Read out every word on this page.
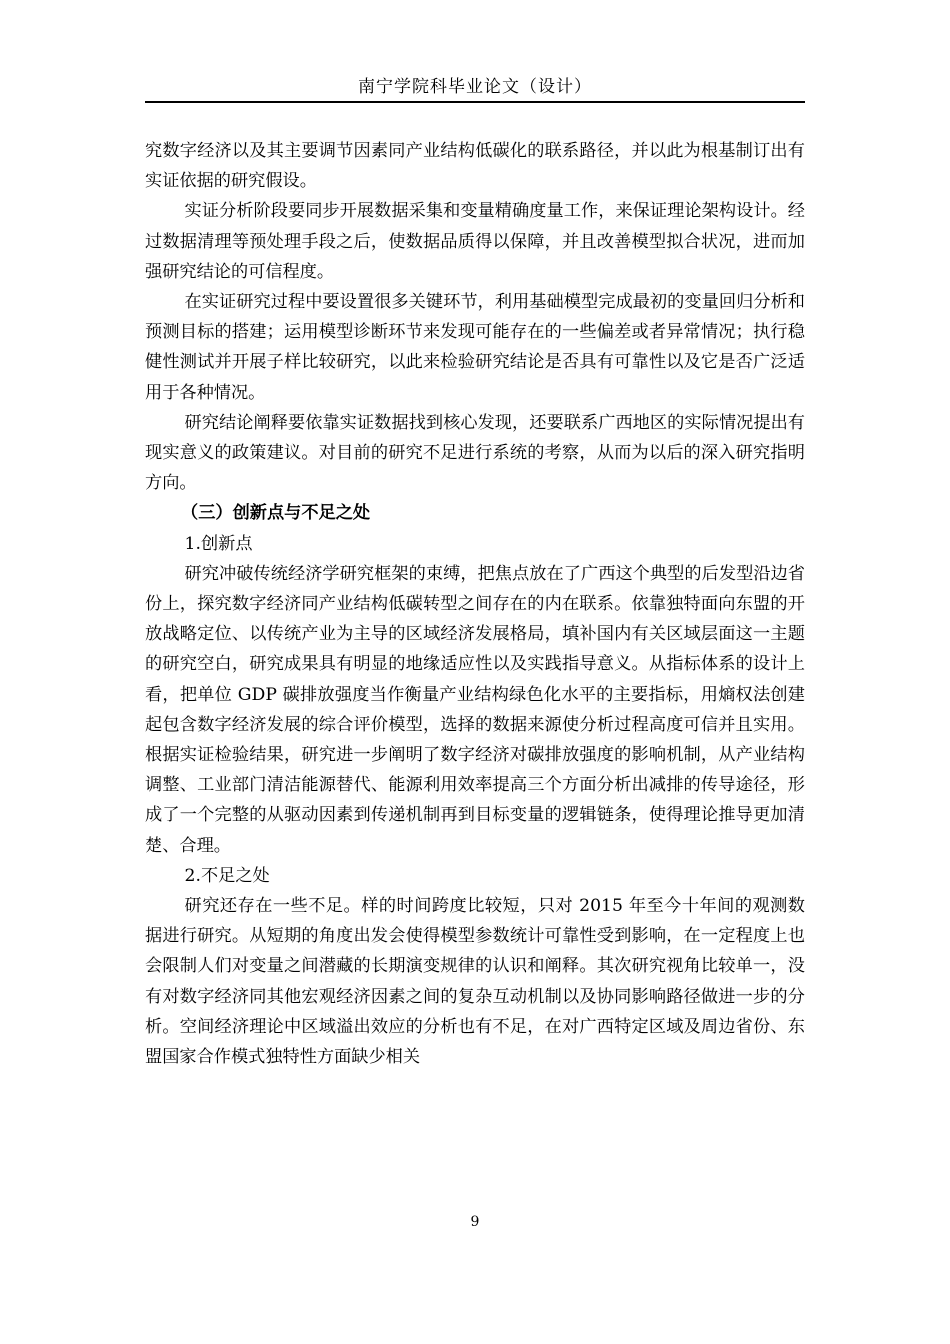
南宁学院科毕业论文（设计）

究数字经济以及其主要调节因素同产业结构低碳化的联系路径，并以此为根基制订出有实证依据的研究假设。

实证分析阶段要同步开展数据采集和变量精确度量工作，来保证理论架构设计。经过数据清理等预处理手段之后，使数据品质得以保障，并且改善模型拟合状况，进而加强研究结论的可信程度。

在实证研究过程中要设置很多关键环节，利用基础模型完成最初的变量回归分析和预测目标的搭建；运用模型诊断环节来发现可能存在的一些偏差或者异常情况；执行稳健性测试并开展子样比较研究，以此来检验研究结论是否具有可靠性以及它是否广泛适用于各种情况。

研究结论阐释要依靠实证数据找到核心发现，还要联系广西地区的实际情况提出有现实意义的政策建议。对目前的研究不足进行系统的考察，从而为以后的深入研究指明方向。

（三）创新点与不足之处

1.创新点

研究冲破传统经济学研究框架的束缚，把焦点放在了广西这个典型的后发型沿边省份上，探究数字经济同产业结构低碳转型之间存在的内在联系。依靠独特面向东盟的开放战略定位、以传统产业为主导的区域经济发展格局，填补国内有关区域层面这一主题的研究空白，研究成果具有明显的地缘适应性以及实践指导意义。从指标体系的设计上看，把单位 GDP 碳排放强度当作衡量产业结构绿色化水平的主要指标，用熵权法创建起包含数字经济发展的综合评价模型，选择的数据来源使分析过程高度可信并且实用。根据实证检验结果，研究进一步阐明了数字经济对碳排放强度的影响机制，从产业结构调整、工业部门清洁能源替代、能源利用效率提高三个方面分析出减排的传导途径，形成了一个完整的从驱动因素到传递机制再到目标变量的逻辑链条，使得理论推导更加清楚、合理。

2.不足之处

研究还存在一些不足。样的时间跨度比较短，只对 2015 年至今十年间的观测数据进行研究。从短期的角度出发会使得模型参数统计可靠性受到影响，在一定程度上也会限制人们对变量之间潜藏的长期演变规律的认识和阐释。其次研究视角比较单一，没有对数字经济同其他宏观经济因素之间的复杂互动机制以及协同影响路径做进一步的分析。空间经济理论中区域溢出效应的分析也有不足，在对广西特定区域及周边省份、东盟国家合作模式独特性方面缺少相关

9
